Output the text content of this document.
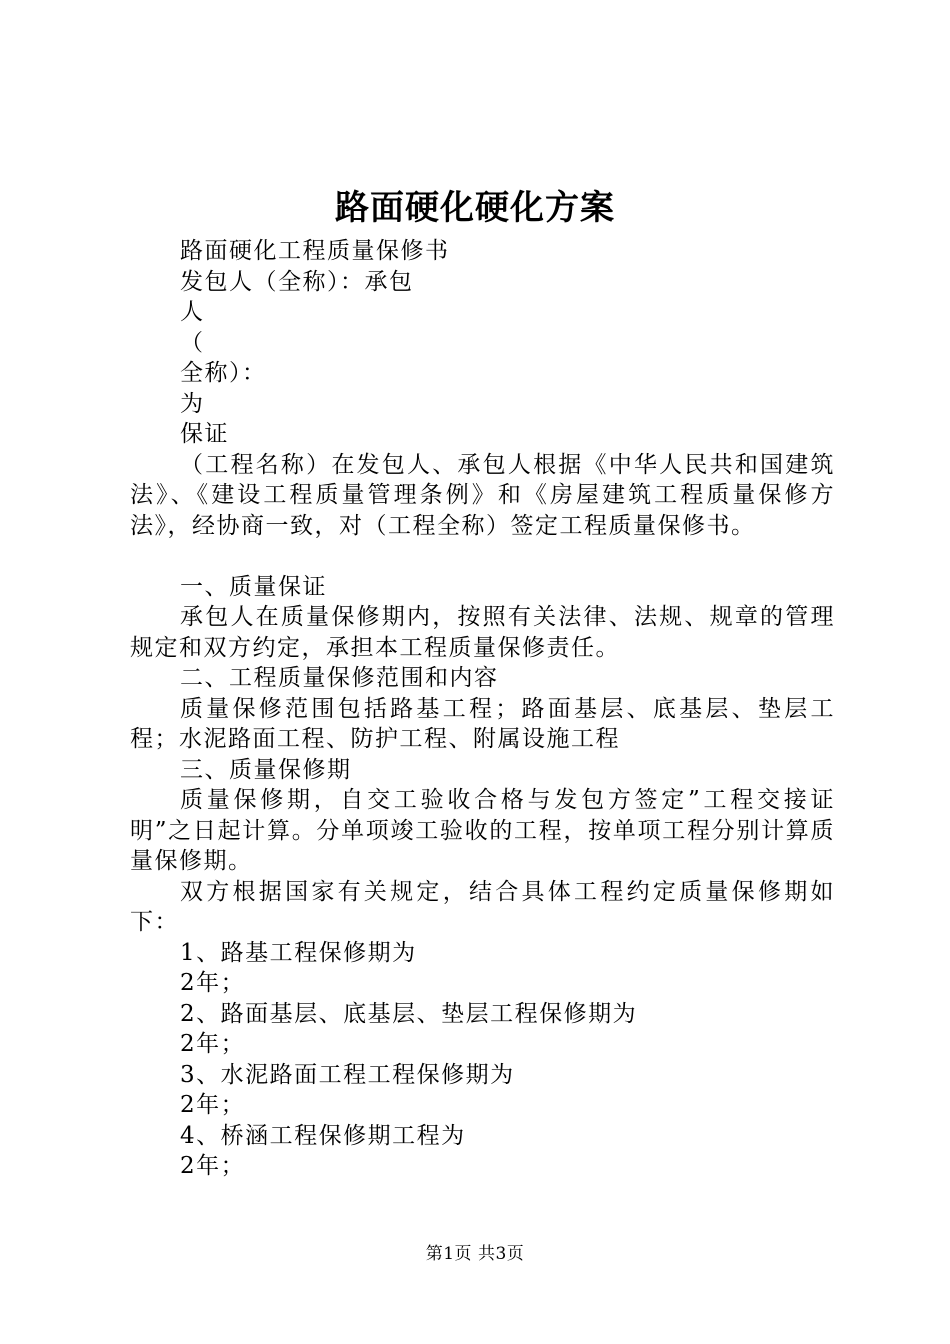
路面硬化硬化方案
路面硬化工程质量保修书
发包人（全称）：承包
人
（
全称）：
为
保证
（工程名称）在发包人、承包人根据《中华人民共和国建筑法》、《建设工程质量管理条例》和《房屋建筑工程质量保修方法》，经协商一致，对（工程全称）签定工程质量保修书。
一、质量保证
承包人在质量保修期内，按照有关法律、法规、规章的管理规定和双方约定，承担本工程质量保修责任。
二、工程质量保修范围和内容
质量保修范围包括路基工程；路面基层、底基层、垫层工程；水泥路面工程、防护工程、附属设施工程
三、质量保修期
质量保修期，自交工验收合格与发包方签定”工程交接证明”之日起计算。分单项竣工验收的工程，按单项工程分别计算质量保修期。
双方根据国家有关规定，结合具体工程约定质量保修期如下：
1、路基工程保修期为
2年；
2、路面基层、底基层、垫层工程保修期为
2年；
3、水泥路面工程工程保修期为
2年；
4、桥涵工程保修期工程为
2年；
第1页 共3页
